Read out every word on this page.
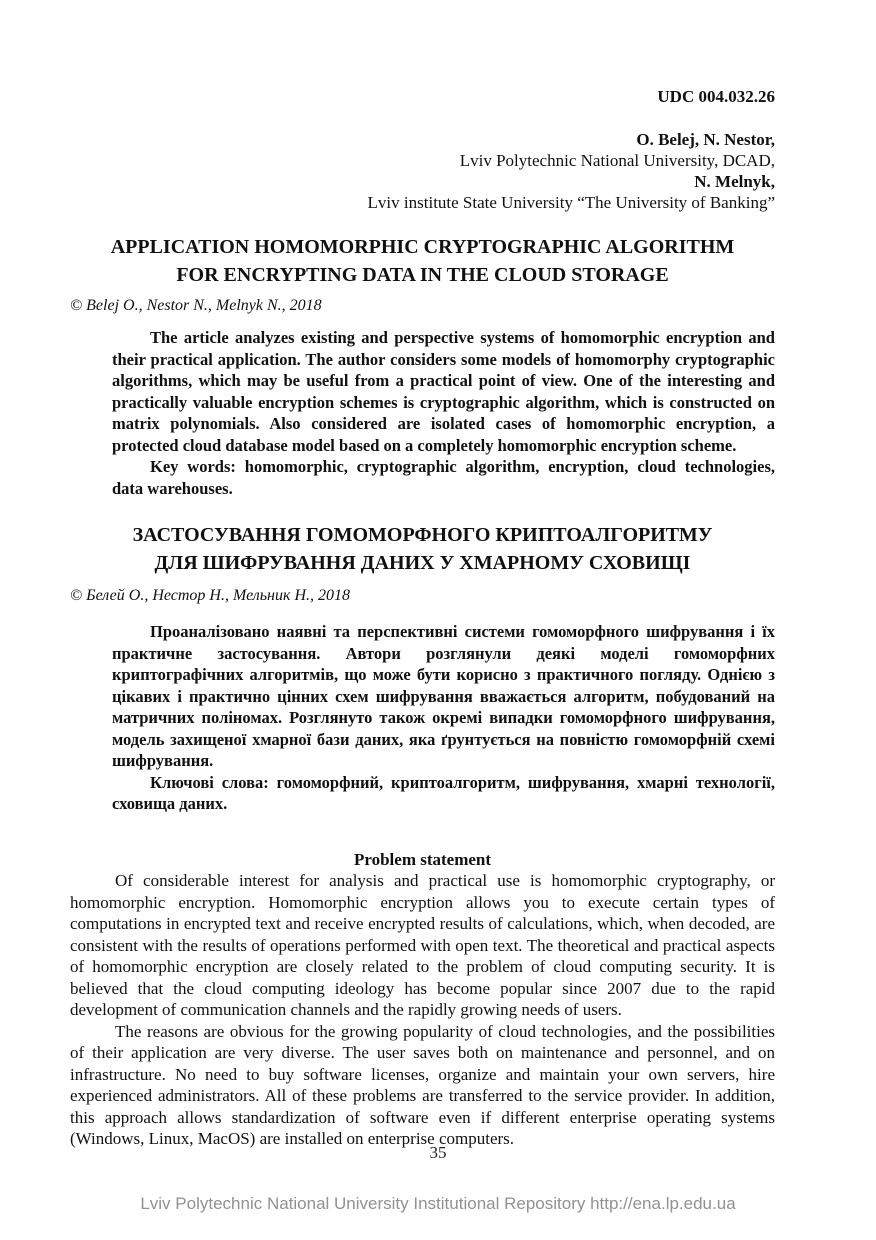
UDC 004.032.26
O. Belej, N. Nestor,
Lviv Polytechnic National University, DCAD,
N. Melnyk,
Lviv institute State University “The University of Banking”
APPLICATION HOMOMORPHIC CRYPTOGRAPHIC ALGORITHM
FOR ENCRYPTING DATA IN THE CLOUD STORAGE
© Belej O., Nestor N., Melnyk N., 2018

The article analyzes existing and perspective systems of homomorphic encryption and their practical application. The author considers some models of homomorphy cryptographic algorithms, which may be useful from a practical point of view. One of the interesting and practically valuable encryption schemes is cryptographic algorithm, which is constructed on matrix polynomials. Also considered are isolated cases of homomorphic encryption, a protected cloud database model based on a completely homomorphic encryption scheme.

Key words: homomorphic, cryptographic algorithm, encryption, cloud technologies, data warehouses.

ЗАСТОСУВАННЯ ГОМОМОРФНОГО КРИПТОАЛГОРИТМУ
ДЛЯ ШИФРУВАННЯ ДАНИХ У ХМАРНОМУ СХОВИЩІ
© Белей О., Нестор Н., Мельник Н., 2018

Проаналізовано наявні та перспективні системи гомоморфного шифрування і їх практичне застосування. Автори розглянули деякі моделі гомоморфних криптографічних алгоритмів, що може бути корисно з практичного погляду. Однією з цікавих і практично цінних схем шифрування вважається алгоритм, побудований на матричних поліномах. Розглянуто також окремі випадки гомоморфного шифрування, модель захищеної хмарної бази даних, яка ґрунтується на повністю гомоморфній схемі шифрування.

Ключові слова: гомоморфний, криптоалгоритм, шифрування, хмарні технології, сховища даних.

Problem statement

Of considerable interest for analysis and practical use is homomorphic cryptography, or homomorphic encryption. Homomorphic encryption allows you to execute certain types of computations in encrypted text and receive encrypted results of calculations, which, when decoded, are consistent with the results of operations performed with open text. The theoretical and practical aspects of homomorphic encryption are closely related to the problem of cloud computing security. It is believed that the cloud computing ideology has become popular since 2007 due to the rapid development of communication channels and the rapidly growing needs of users.

The reasons are obvious for the growing popularity of cloud technologies, and the possibilities of their application are very diverse. The user saves both on maintenance and personnel, and on infrastructure. No need to buy software licenses, organize and maintain your own servers, hire experienced administrators. All of these problems are transferred to the service provider. In addition, this approach allows standardization of software even if different enterprise operating systems (Windows, Linux, MacOS) are installed on enterprise computers.

35
Lviv Polytechnic National University Institutional Repository http://ena.lp.edu.ua
